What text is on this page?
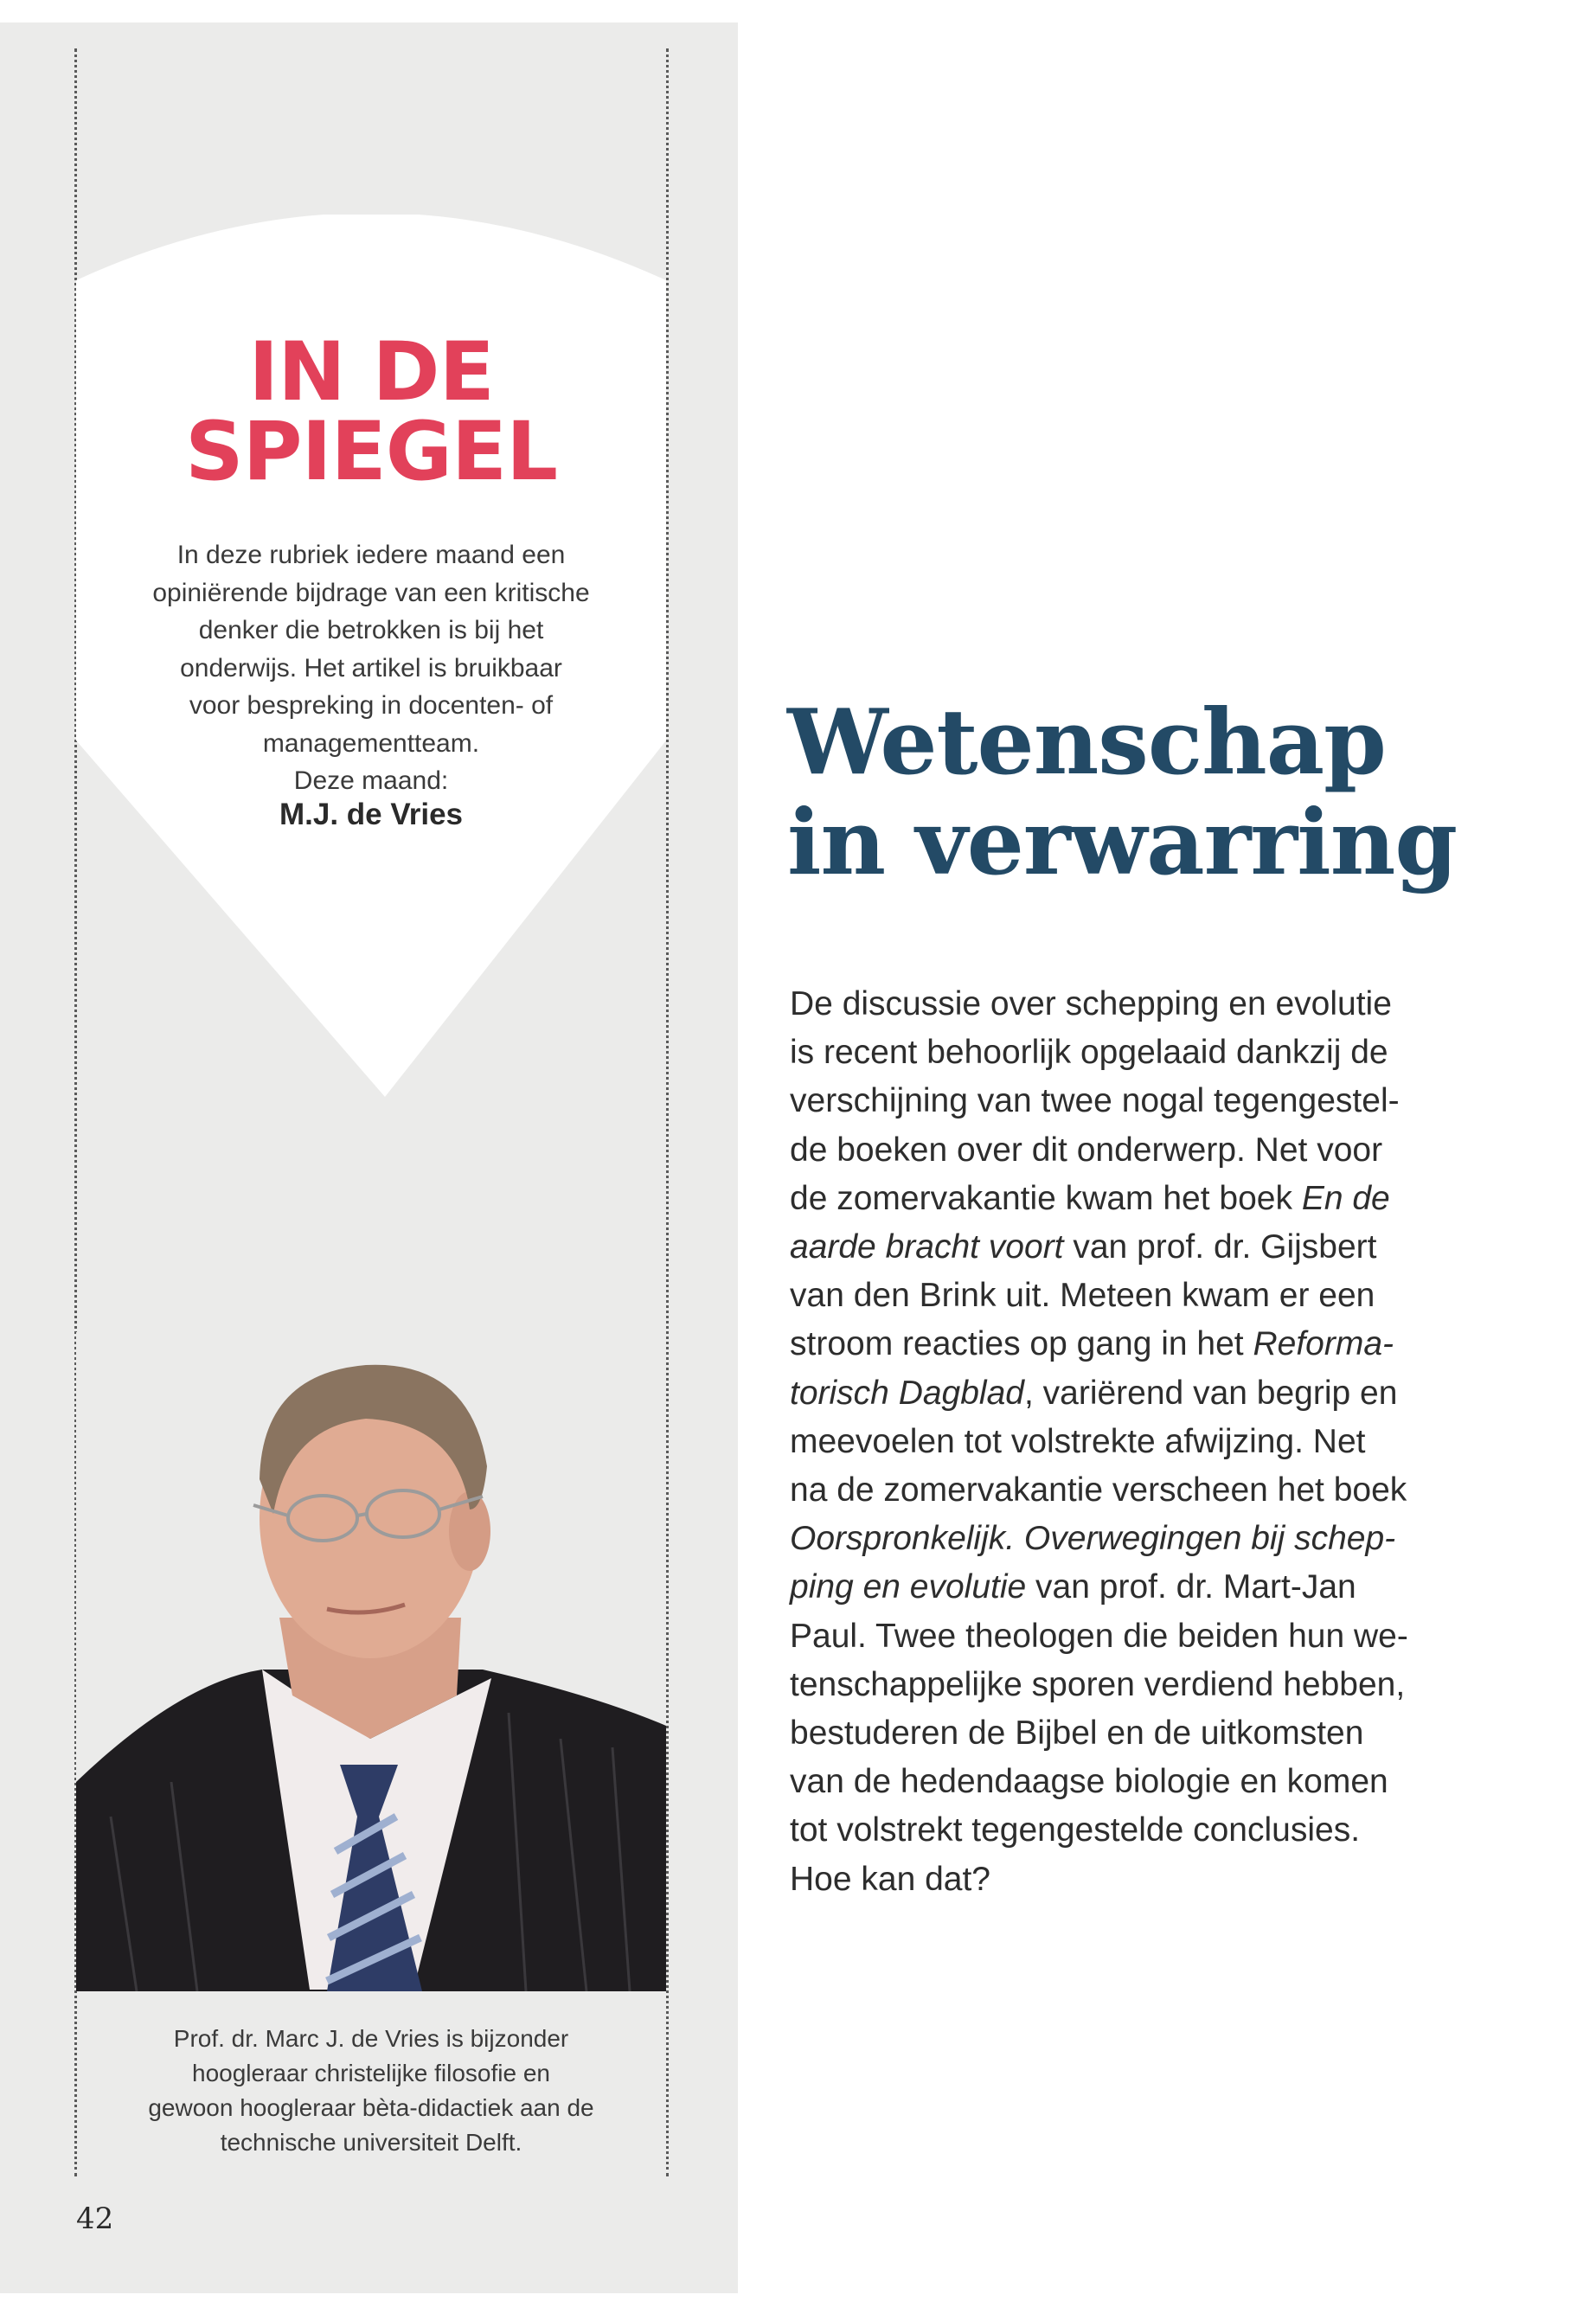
IN DE
SPIEGEL
In deze rubriek iedere maand een
opiniërende bijdrage van een kritische
denker die betrokken is bij het
onderwijs. Het artikel is bruikbaar
voor bespreking in docenten- of
managementteam.
Deze maand:
M.J. de Vries
Prof. dr. Marc J. de Vries is bijzonder
hoogleraar christelijke filosofie en
gewoon hoogleraar bèta-didactiek aan de
technische universiteit Delft.
42
Wetenschap
in verwarring
De discussie over schepping en evolutie
is recent behoorlijk opgelaaid dankzij de
verschijning van twee nogal tegengestel-
de boeken over dit onderwerp. Net voor
de zomervakantie kwam het boek En de
aarde bracht voort van prof. dr. Gijsbert
van den Brink uit. Meteen kwam er een
stroom reacties op gang in het Reforma-
torisch Dagblad, variërend van begrip en
meevoelen tot volstrekte afwijzing. Net
na de zomervakantie verscheen het boek
Oorspronkelijk. Overwegingen bij schep-
ping en evolutie van prof. dr. Mart-Jan
Paul. Twee theologen die beiden hun we-
tenschappelijke sporen verdiend hebben,
bestuderen de Bijbel en de uitkomsten
van de hedendaagse biologie en komen
tot volstrekt tegengestelde conclusies.
Hoe kan dat?
